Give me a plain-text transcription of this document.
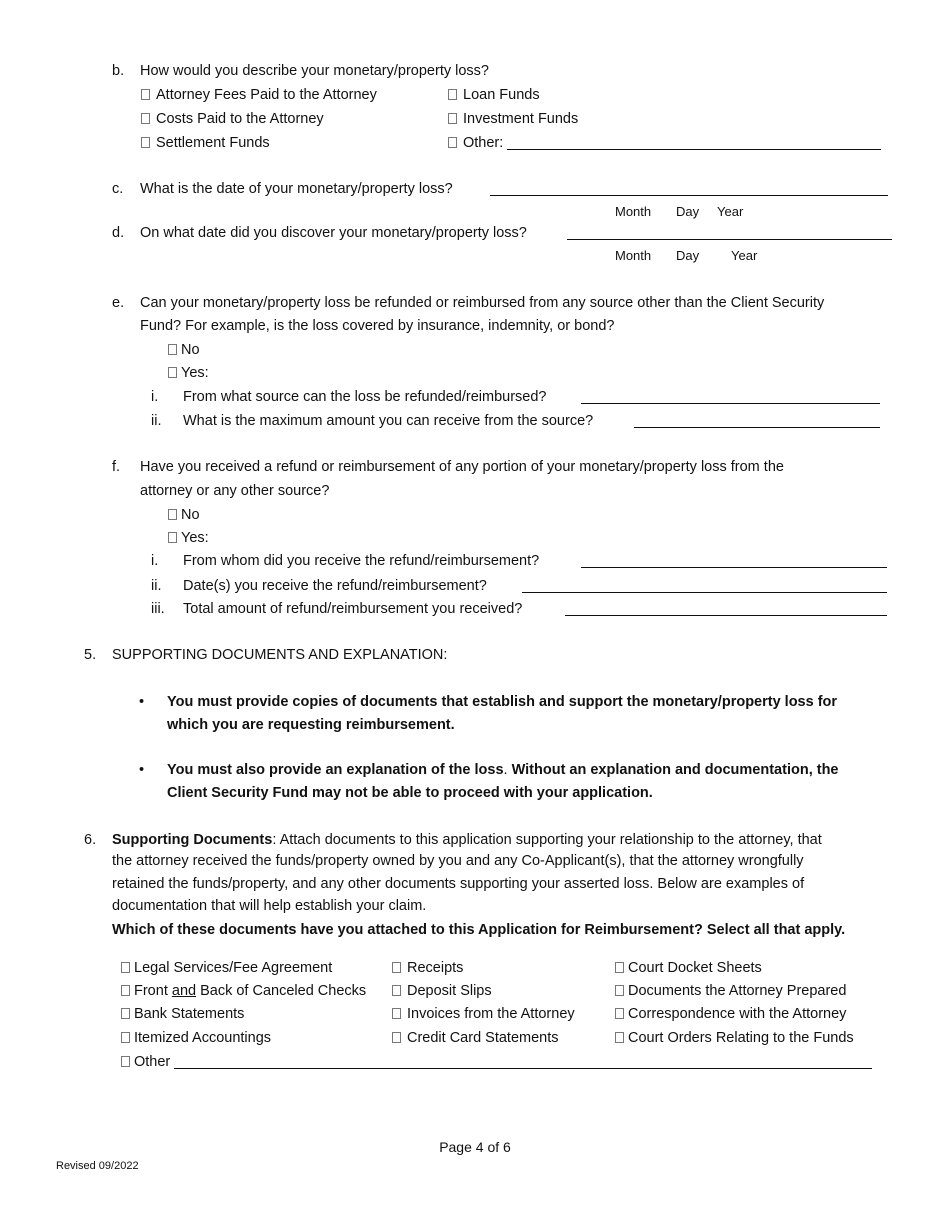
b. How would you describe your monetary/property loss?
Attorney Fees Paid to the Attorney
Costs Paid to the Attorney
Settlement Funds
Loan Funds
Investment Funds
Other:
c. What is the date of your monetary/property loss?
Month Day Year
d. On what date did you discover your monetary/property loss?
Month Day Year
e. Can your monetary/property loss be refunded or reimbursed from any source other than the Client Security
Fund? For example, is the loss covered by insurance, indemnity, or bond?
No
Yes:
i. From what source can the loss be refunded/reimbursed?
ii. What is the maximum amount you can receive from the source?
f. Have you received a refund or reimbursement of any portion of your monetary/property loss from the
attorney or any other source?
No
Yes:
i. From whom did you receive the refund/reimbursement?
ii. Date(s) you receive the refund/reimbursement?
iii. Total amount of refund/reimbursement you received?
5. SUPPORTING DOCUMENTS AND EXPLANATION:
• You must provide copies of documents that establish and support the monetary/property loss for
which you are requesting reimbursement.
• You must also provide an explanation of the loss. Without an explanation and documentation, the
Client Security Fund may not be able to proceed with your application.
6. Supporting Documents: Attach documents to this application supporting your relationship to the attorney, that
the attorney received the funds/property owned by you and any Co-Applicant(s), that the attorney wrongfully
retained the funds/property, and any other documents supporting your asserted loss. Below are examples of
documentation that will help establish your claim.
Which of these documents have you attached to this Application for Reimbursement? Select all that apply.
Legal Services/Fee Agreement
Front and Back of Canceled Checks
Bank Statements
Itemized Accountings
Receipts
Deposit Slips
Invoices from the Attorney
Credit Card Statements
Court Docket Sheets
Documents the Attorney Prepared
Correspondence with the Attorney
Court Orders Relating to the Funds
Other
Page 4 of 6
Revised 09/2022
